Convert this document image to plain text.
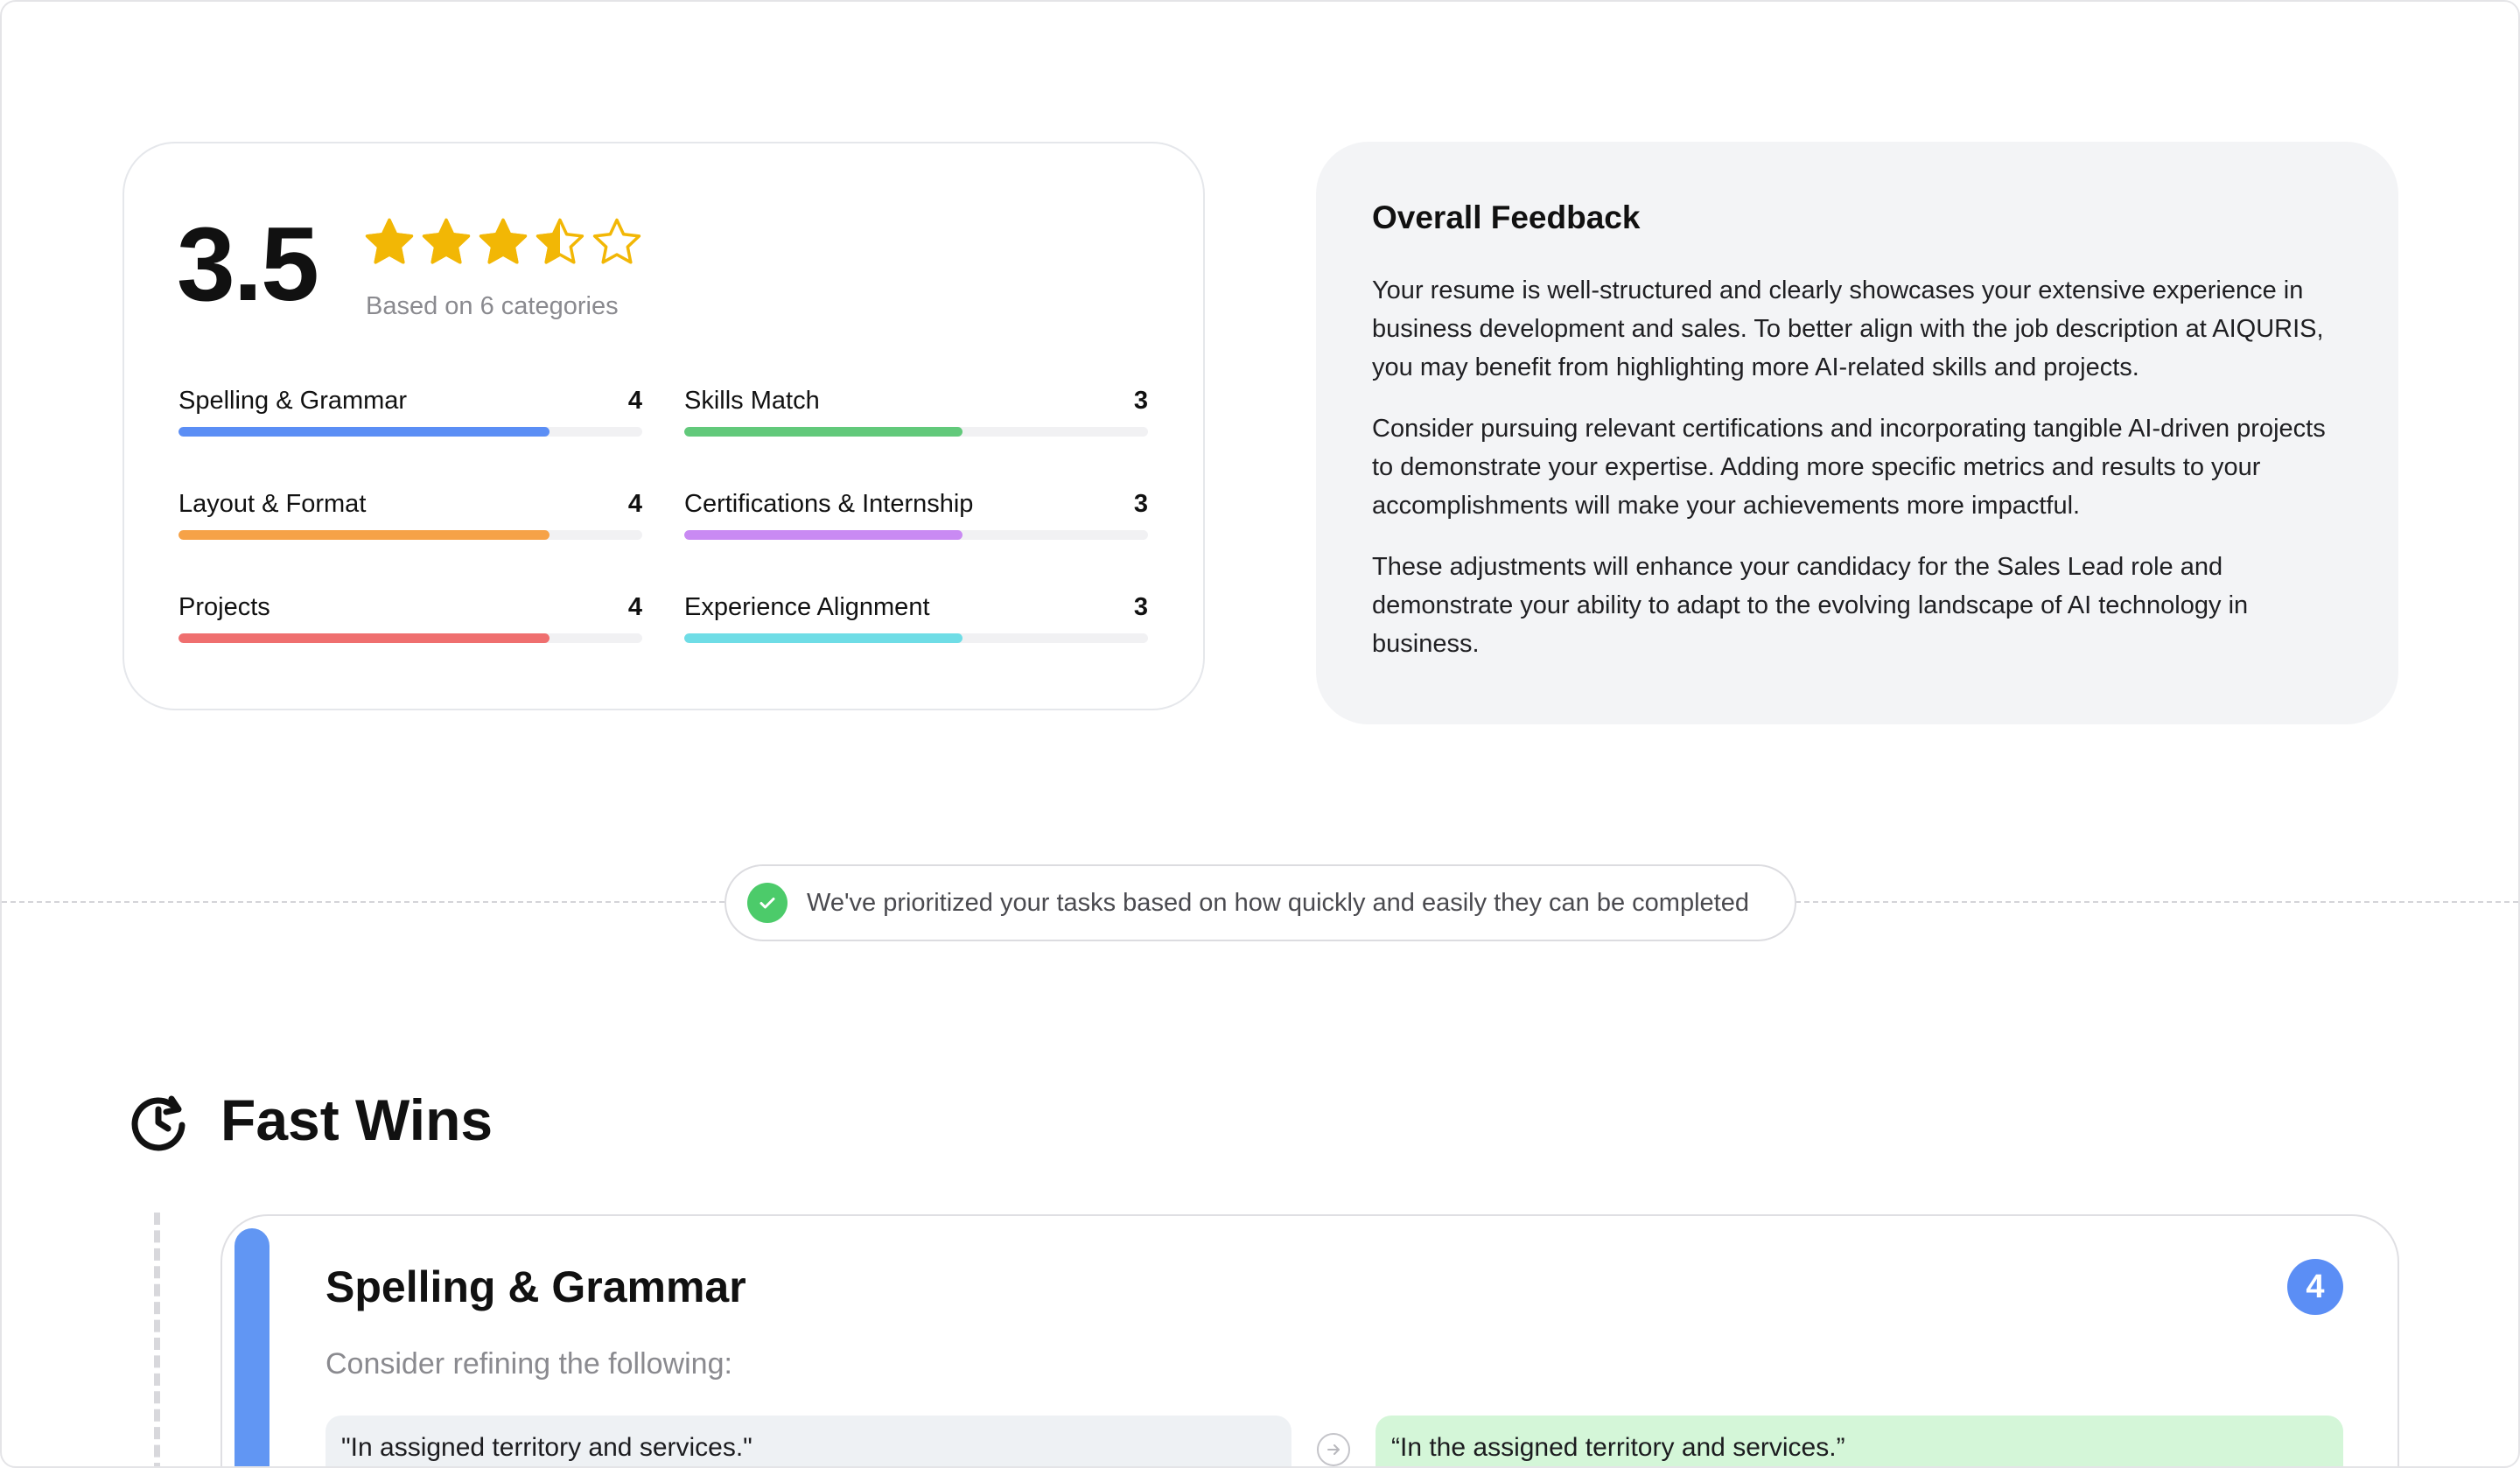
3.5 Based on 6 categories
Spelling & Grammar	4 Skills Match	3
Layout & Format	4 Certifications & Internship	3
Projects	4 Experience Alignment	3
Overall Feedback

Your resume is well-structured and clearly showcases your extensive experience in business development and sales. To better align with the job description at AIQURIS, you may benefit from highlighting more AI-related skills and projects.

Consider pursuing relevant certifications and incorporating tangible AI-driven projects to demonstrate your expertise. Adding more specific metrics and results to your accomplishments will make your achievements more impactful.

These adjustments will enhance your candidacy for the Sales Lead role and demonstrate your ability to adapt to the evolving landscape of AI technology in business.

We've prioritized your tasks based on how quickly and easily they can be completed
Fast Wins
Spelling & Grammar	4
Consider refining the following:
"In assigned territory and services."	“In the assigned territory and services.”
